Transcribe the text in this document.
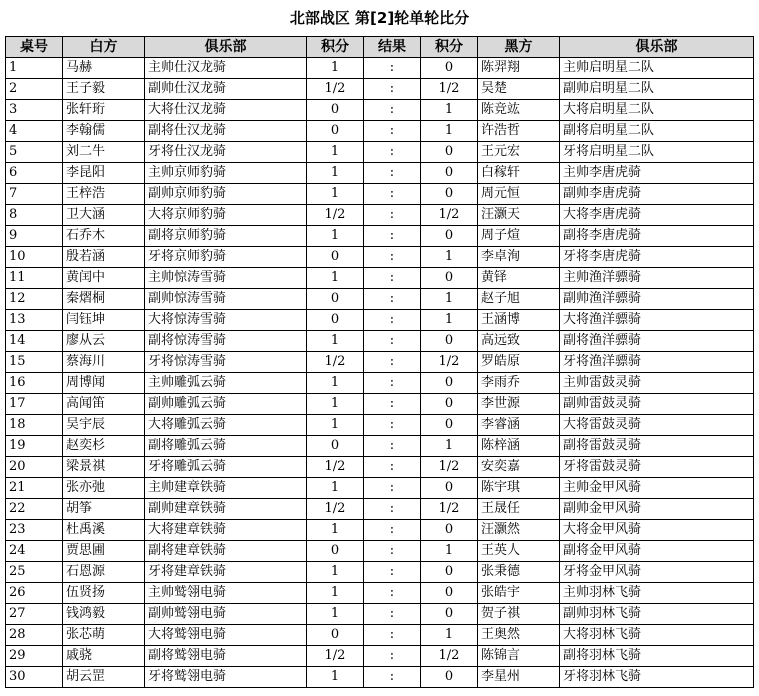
北部战区 第[2]轮单轮比分
桌号	白方	俱乐部	积分	结果	积分	黑方	俱乐部
1	马赫	主帅仕汉龙骑	1	:	0	陈羿翔	主帅启明星二队
2	王子毅	副帅仕汉龙骑	1/2	:	1/2	吴楚	副帅启明星二队
3	张轩珩	大将仕汉龙骑	0	:	1	陈竞竑	大将启明星二队
4	李翰儒	副将仕汉龙骑	0	:	1	许浩哲	副将启明星二队
5	刘二牛	牙将仕汉龙骑	1	:	0	王元宏	牙将启明星二队
6	李昆阳	主帅京师豹骑	1	:	0	白稼轩	主帅李唐虎骑
7	王梓浩	副帅京师豹骑	1	:	0	周元恒	副帅李唐虎骑
8	卫大涵	大将京师豹骑	1/2	:	1/2	汪灏天	大将李唐虎骑
9	石乔木	副将京师豹骑	1	:	0	周子煊	副将李唐虎骑
10	殷若涵	牙将京师豹骑	0	:	1	李卓洵	牙将李唐虎骑
11	黄闰中	主帅惊涛雪骑	1	:	0	黄铎	主帅渔洋骠骑
12	秦熠桐	副帅惊涛雪骑	0	:	1	赵子旭	副帅渔洋骠骑
13	闫钰坤	大将惊涛雪骑	0	:	1	王涵博	大将渔洋骠骑
14	廖从云	副将惊涛雪骑	1	:	0	高远致	副将渔洋骠骑
15	蔡海川	牙将惊涛雪骑	1/2	:	1/2	罗皓原	牙将渔洋骠骑
16	周博闻	主帅雕弧云骑	1	:	0	李雨乔	主帅雷鼓灵骑
17	高闻笛	副帅雕弧云骑	1	:	0	李世源	副帅雷鼓灵骑
18	吴宇辰	大将雕弧云骑	1	:	0	李睿涵	大将雷鼓灵骑
19	赵奕杉	副将雕弧云骑	0	:	1	陈梓涵	副将雷鼓灵骑
20	梁景祺	牙将雕弧云骑	1/2	:	1/2	安奕嘉	牙将雷鼓灵骑
21	张亦弛	主帅建章铁骑	1	:	0	陈宇琪	主帅金甲风骑
22	胡筝	副帅建章铁骑	1/2	:	1/2	王晟任	副帅金甲风骑
23	杜禹溪	大将建章铁骑	1	:	0	汪灏然	大将金甲风骑
24	贾思圃	副将建章铁骑	0	:	1	王英人	副将金甲风骑
25	石恩源	牙将建章铁骑	1	:	0	张秉德	牙将金甲风骑
26	伍贤扬	主帅鹫翎电骑	1	:	0	张皓宇	主帅羽林飞骑
27	钱鸿毅	副帅鹫翎电骑	1	:	0	贺子祺	副帅羽林飞骑
28	张芯萌	大将鹫翎电骑	0	:	1	王奥然	大将羽林飞骑
29	戚骁	副将鹫翎电骑	1/2	:	1/2	陈锦言	副将羽林飞骑
30	胡云罡	牙将鹫翎电骑	1	:	0	李星州	牙将羽林飞骑
